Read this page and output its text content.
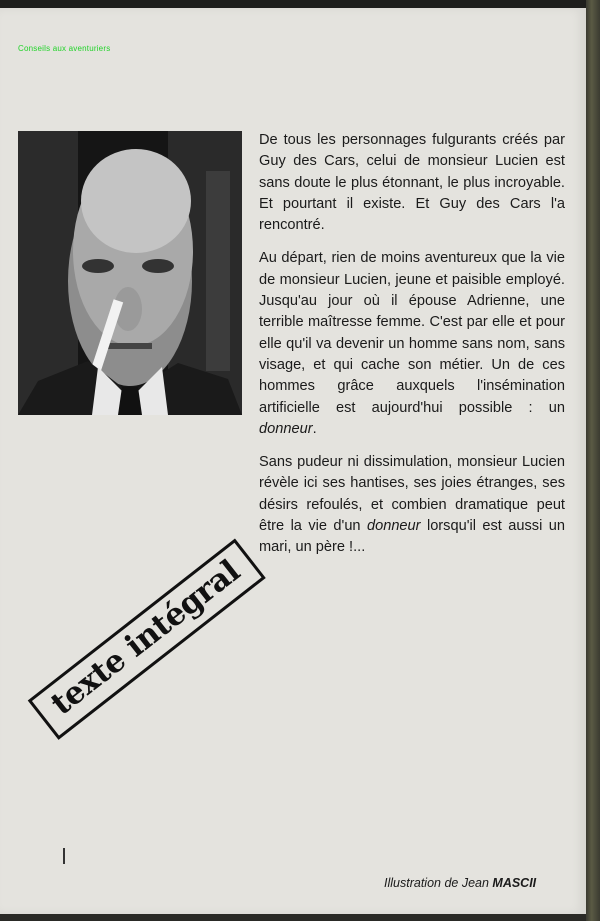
Conseils aux aventuriers

De tous les personnages fulgurants créés par Guy des Cars, celui de monsieur Lucien est sans doute le plus étonnant, le plus incroyable. Et pourtant il existe. Et Guy des Cars l'a rencontré.

Au départ, rien de moins aventureux que la vie de monsieur Lucien, jeune et paisible employé. Jusqu'au jour où il épouse Adrienne, une terrible maîtresse femme. C'est par elle et pour elle qu'il va devenir un homme sans nom, sans visage, et qui cache son métier. Un de ces hommes grâce auxquels l'insémination artificielle est aujourd'hui possible : un donneur.

Sans pudeur ni dissimulation, monsieur Lucien révèle ici ses hantises, ses joies étranges, ses désirs refoulés, et combien dramatique peut être la vie d'un donneur lorsqu'il est aussi un mari, un père !...

texte intégral
Illustration de Jean MASCII
